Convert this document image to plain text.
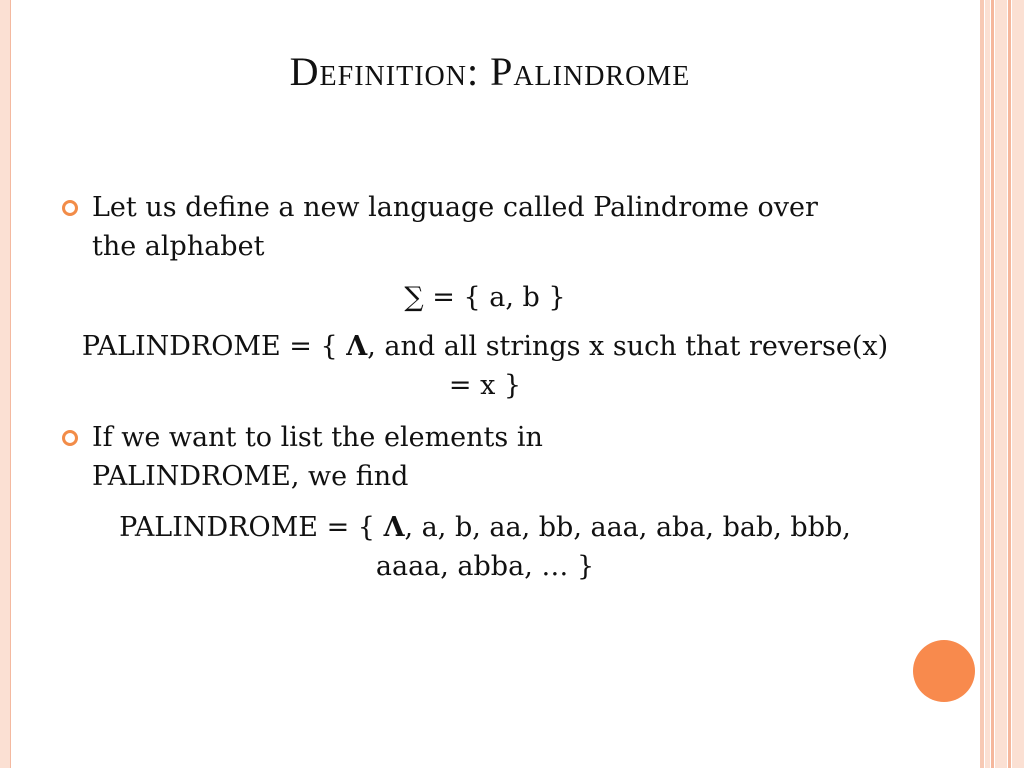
Definition: Palindrome
Let us define a new language called Palindrome over the alphabet
∑ = { a, b }
PALINDROME = { Λ, and all strings x such that reverse(x) = x }
If we want to list the elements in PALINDROME, we find
PALINDROME = { Λ, a, b, aa, bb, aaa, aba, bab, bbb, aaaa, abba, … }
